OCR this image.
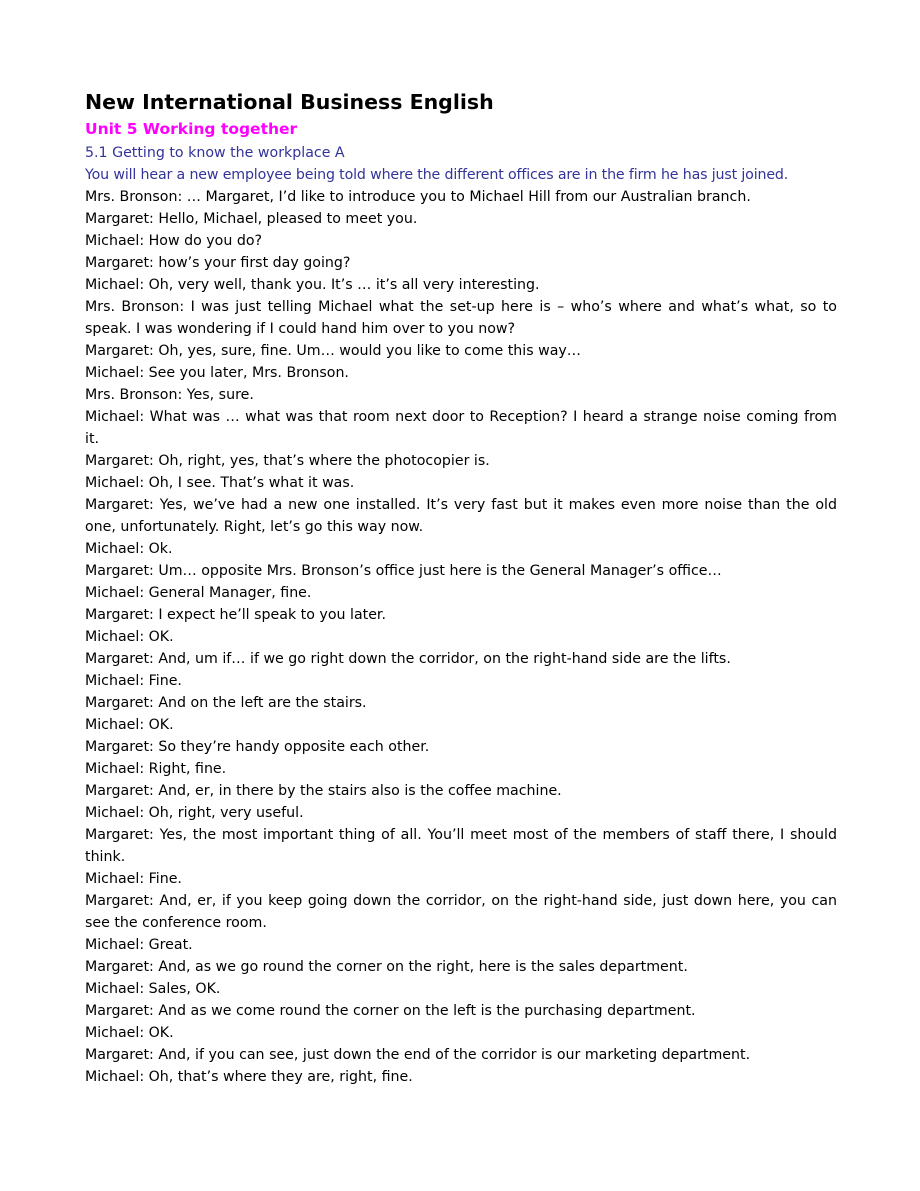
New International Business English
Unit 5 Working together

5.1 Getting to know the workplace A

You will hear a new employee being told where the different offices are in the firm he has just joined.

Mrs. Bronson: … Margaret, I’d like to introduce you to Michael Hill from our Australian branch.

Margaret: Hello, Michael, pleased to meet you.

Michael: How do you do?

Margaret: how’s your first day going?

Michael: Oh, very well, thank you. It’s … it’s all very interesting.

Mrs. Bronson: I was just telling Michael what the set-up here is – who’s where and what’s what, so to speak. I was wondering if I could hand him over to you now?

Margaret: Oh, yes, sure, fine. Um… would you like to come this way…

Michael: See you later, Mrs. Bronson.

Mrs. Bronson: Yes, sure.

Michael: What was … what was that room next door to Reception? I heard a strange noise coming from it.

Margaret: Oh, right, yes, that’s where the photocopier is.

Michael: Oh, I see. That’s what it was.

Margaret: Yes, we’ve had a new one installed. It’s very fast but it makes even more noise than the old one, unfortunately. Right, let’s go this way now.

Michael: Ok.

Margaret: Um… opposite Mrs. Bronson’s office just here is the General Manager’s office…

Michael: General Manager, fine.

Margaret: I expect he’ll speak to you later.

Michael: OK.

Margaret: And, um if… if we go right down the corridor, on the right-hand side are the lifts.

Michael: Fine.

Margaret: And on the left are the stairs.

Michael: OK.

Margaret: So they’re handy opposite each other.

Michael: Right, fine.

Margaret: And, er, in there by the stairs also is the coffee machine.

Michael: Oh, right, very useful.

Margaret: Yes, the most important thing of all. You’ll meet most of the members of staff there, I should think.

Michael: Fine.

Margaret: And, er, if you keep going down the corridor, on the right-hand side, just down here, you can see the conference room.

Michael: Great.

Margaret: And, as we go round the corner on the right, here is the sales department.

Michael: Sales, OK.

Margaret: And as we come round the corner on the left is the purchasing department.

Michael: OK.

Margaret: And, if you can see, just down the end of the corridor is our marketing department.

Michael: Oh, that’s where they are, right, fine.
